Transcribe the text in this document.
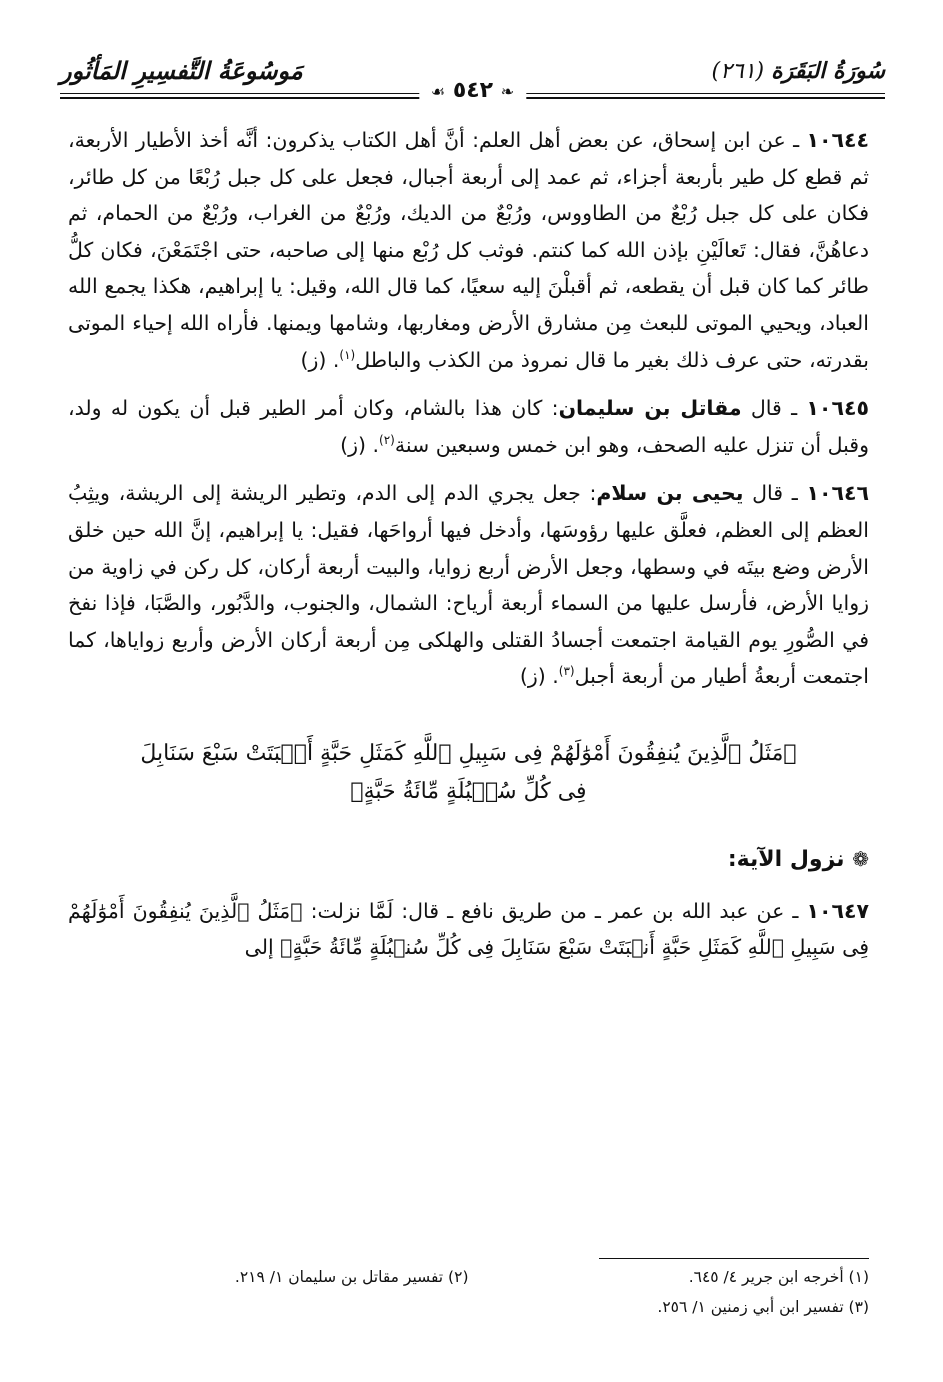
سُورَةُ البَقَرَة (٢٦١)
مَوسُوعَةُ التَّفسِيرِ المَأثُور
❧ ٥٤٢ ☙

١٠٦٤٤ ـ عن ابن إسحاق، عن بعض أهل العلم: أنَّ أهل الكتاب يذكرون: أنَّه أخذ الأطيار الأربعة، ثم قطع كل طير بأربعة أجزاء، ثم عمد إلى أربعة أجبال، فجعل على كل جبل رُبْعًا من كل طائر، فكان على كل جبل رُبْعٌ من الطاووس، ورُبْعٌ من الديك، ورُبْعٌ من الغراب، ورُبْعٌ من الحمام، ثم دعاهُنَّ، فقال: تَعالَيْنِ بإذن الله كما كنتم. فوثب كل رُبْع منها إلى صاحبه، حتى اجْتَمَعْنَ، فكان كلُّ طائر كما كان قبل أن يقطعه، ثم أقبلْنَ إليه سعيًا، كما قال الله، وقيل: يا إبراهيم، هكذا يجمع الله العباد، ويحيي الموتى للبعث مِن مشارق الأرض ومغاربها، وشامها ويمنها. فأراه الله إحياء الموتى بقدرته، حتى عرف ذلك بغير ما قال نمروذ من الكذب والباطل$^{(١)}$. (ز)

١٠٦٤٥ ـ قال مقاتل بن سليمان: كان هذا بالشام، وكان أمر الطير قبل أن يكون له ولد، وقبل أن تنزل عليه الصحف، وهو ابن خمس وسبعين سنة$^{(٢)}$. (ز)

١٠٦٤٦ ـ قال يحيى بن سلام: جعل يجري الدم إلى الدم، وتطير الريشة إلى الريشة، ويثِبُ العظم إلى العظم، فعلَّق عليها رؤوسَها، وأدخل فيها أرواحَها، فقيل: يا إبراهيم، إنَّ الله حين خلق الأرض وضع بيتَه في وسطها، وجعل الأرض أربع زوايا، والبيت أربعة أركان، كل ركن في زاوية من زوايا الأرض، فأرسل عليها من السماء أربعة أرياح: الشمال، والجنوب، والدَّبُور، والصَّبَا، فإذا نفخ في الصُّورِ يوم القيامة اجتمعت أجسادُ القتلى والهلكى مِن أربعة أركان الأرض وأربع زواياها، كما اجتمعت أربعةُ أطيار من أربعة أجبل$^{(٣)}$. (ز)

﴿مَثَلُ ٱلَّذِينَ يُنفِقُونَ أَمْوَٰلَهُمْ فِى سَبِيلِ ٱللَّهِ كَمَثَلِ حَبَّةٍ أَنۢبَتَتْ سَبْعَ سَنَابِلَ
فِى كُلِّ سُنۢبُلَةٍ مِّائَةُ حَبَّةٍ﴾
❁ نزول الآية:

١٠٦٤٧ ـ عن عبد الله بن عمر ـ من طريق نافع ـ قال: لَمَّا نزلت: ﴿مَثَلُ ٱلَّذِينَ يُنفِقُونَ أَمْوَٰلَهُمْ فِى سَبِيلِ ٱللَّهِ كَمَثَلِ حَبَّةٍ أَنۢبَتَتْ سَبْعَ سَنَابِلَ فِى كُلِّ سُنۢبُلَةٍ مِّائَةُ حَبَّةٍ﴾ إلى

(١) أخرجه ابن جرير ٤/ ٦٤٥.
(٢) تفسير مقاتل بن سليمان ١/ ٢١٩.
(٣) تفسير ابن أبي زمنين ١/ ٢٥٦.
